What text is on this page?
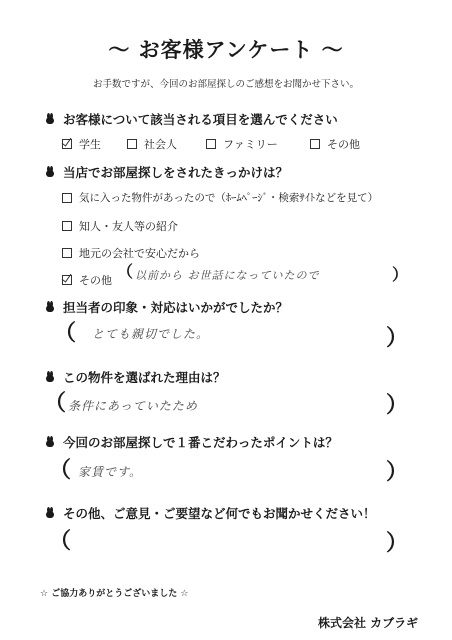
〜 お客様アンケート 〜
お手数ですが、今回のお部屋探しのご感想をお聞かせ下さい。
お客様について該当される項目を選んでください
学生	社会人	ファミリー	その他
当店でお部屋探しをされたきっかけは？
気に入った物件があったので（ﾎｰﾑﾍﾟｰｼﾞ・検索ｻｲﾄなどを見て）
知人・友人等の紹介
地元の会社で安心だから
その他 （ 以前から お世話になっていたので	）
担当者の印象・対応はいかがでしたか？
（ とても親切でした。	）
この物件を選ばれた理由は？
（ 条件にあっていたため	）
今回のお部屋探しで１番こだわったポイントは？
（ 家賃です。	）
その他、ご意見・ご要望など何でもお聞かせください！
（	）
☆ ご協力ありがとうございました ☆
株式会社 カブラギ
